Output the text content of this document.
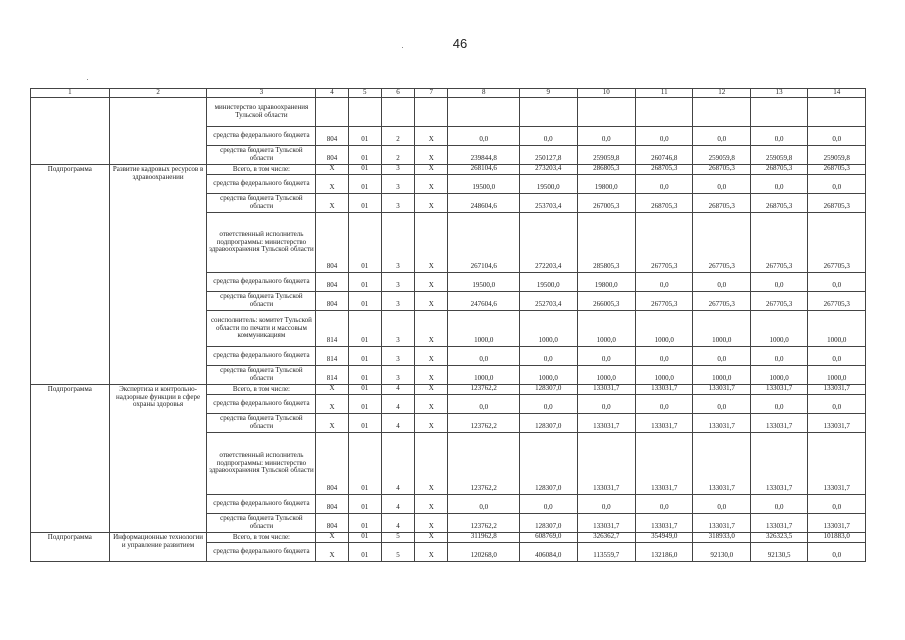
46
1	2	3	4	5	6	7	8	9	10	11	12	13	14
		министерство здравоохранения Тульской области											
		средства федерального бюджета	804	01	2	Х	0,0	0,0	0,0	0,0	0,0	0,0	0,0
		средства бюджета Тульской области	804	01	2	Х	239844,8	250127,8	259059,8	260746,8	259059,8	259059,8	259059,8
Подпрограмма	Развитие кадровых ресурсов в здравоохранении	Всего, в том числе:	Х	01	3	Х	268104,6	273203,4	286805,3	268705,3	268705,3	268705,3	268705,3
		средства федерального бюджета	Х	01	3	Х	19500,0	19500,0	19800,0	0,0	0,0	0,0	0,0
		средства бюджета Тульской области	Х	01	3	Х	248604,6	253703,4	267005,3	268705,3	268705,3	268705,3	268705,3
		ответственный исполнитель подпрограммы: министерство здравоохранения Тульской области	804	01	3	Х	267104,6	272203,4	285805,3	267705,3	267705,3	267705,3	267705,3
		средства федерального бюджета	804	01	3	Х	19500,0	19500,0	19800,0	0,0	0,0	0,0	0,0
		средства бюджета Тульской области	804	01	3	Х	247604,6	252703,4	266005,3	267705,3	267705,3	267705,3	267705,3
		соисполнитель: комитет Тульской области по печати и массовым коммуникациям	814	01	3	Х	1000,0	1000,0	1000,0	1000,0	1000,0	1000,0	1000,0
		средства федерального бюджета	814	01	3	Х	0,0	0,0	0,0	0,0	0,0	0,0	0,0
		средства бюджета Тульской области	814	01	3	Х	1000,0	1000,0	1000,0	1000,0	1000,0	1000,0	1000,0
Подпрограмма	Экспертиза и контрольно-надзорные функции в сфере охраны здоровья	Всего, в том числе:	Х	01	4	Х	123762,2	128307,0	133031,7	133031,7	133031,7	133031,7	133031,7
		средства федерального бюджета	Х	01	4	Х	0,0	0,0	0,0	0,0	0,0	0,0	0,0
		средства бюджета Тульской области	Х	01	4	Х	123762,2	128307,0	133031,7	133031,7	133031,7	133031,7	133031,7
		ответственный исполнитель подпрограммы: министерство здравоохранения Тульской области	804	01	4	Х	123762,2	128307,0	133031,7	133031,7	133031,7	133031,7	133031,7
		средства федерального бюджета	804	01	4	Х	0,0	0,0	0,0	0,0	0,0	0,0	0,0
		средства бюджета Тульской области	804	01	4	Х	123762,2	128307,0	133031,7	133031,7	133031,7	133031,7	133031,7
Подпрограмма	Информационные технологии и управление развитием	Всего, в том числе:	Х	01	5	Х	311962,8	608769,0	326362,7	354949,0	318933,0	326323,5	101883,0
		средства федерального бюджета	Х	01	5	Х	120268,0	406084,0	113559,7	132186,0	92130,0	92130,5	0,0
